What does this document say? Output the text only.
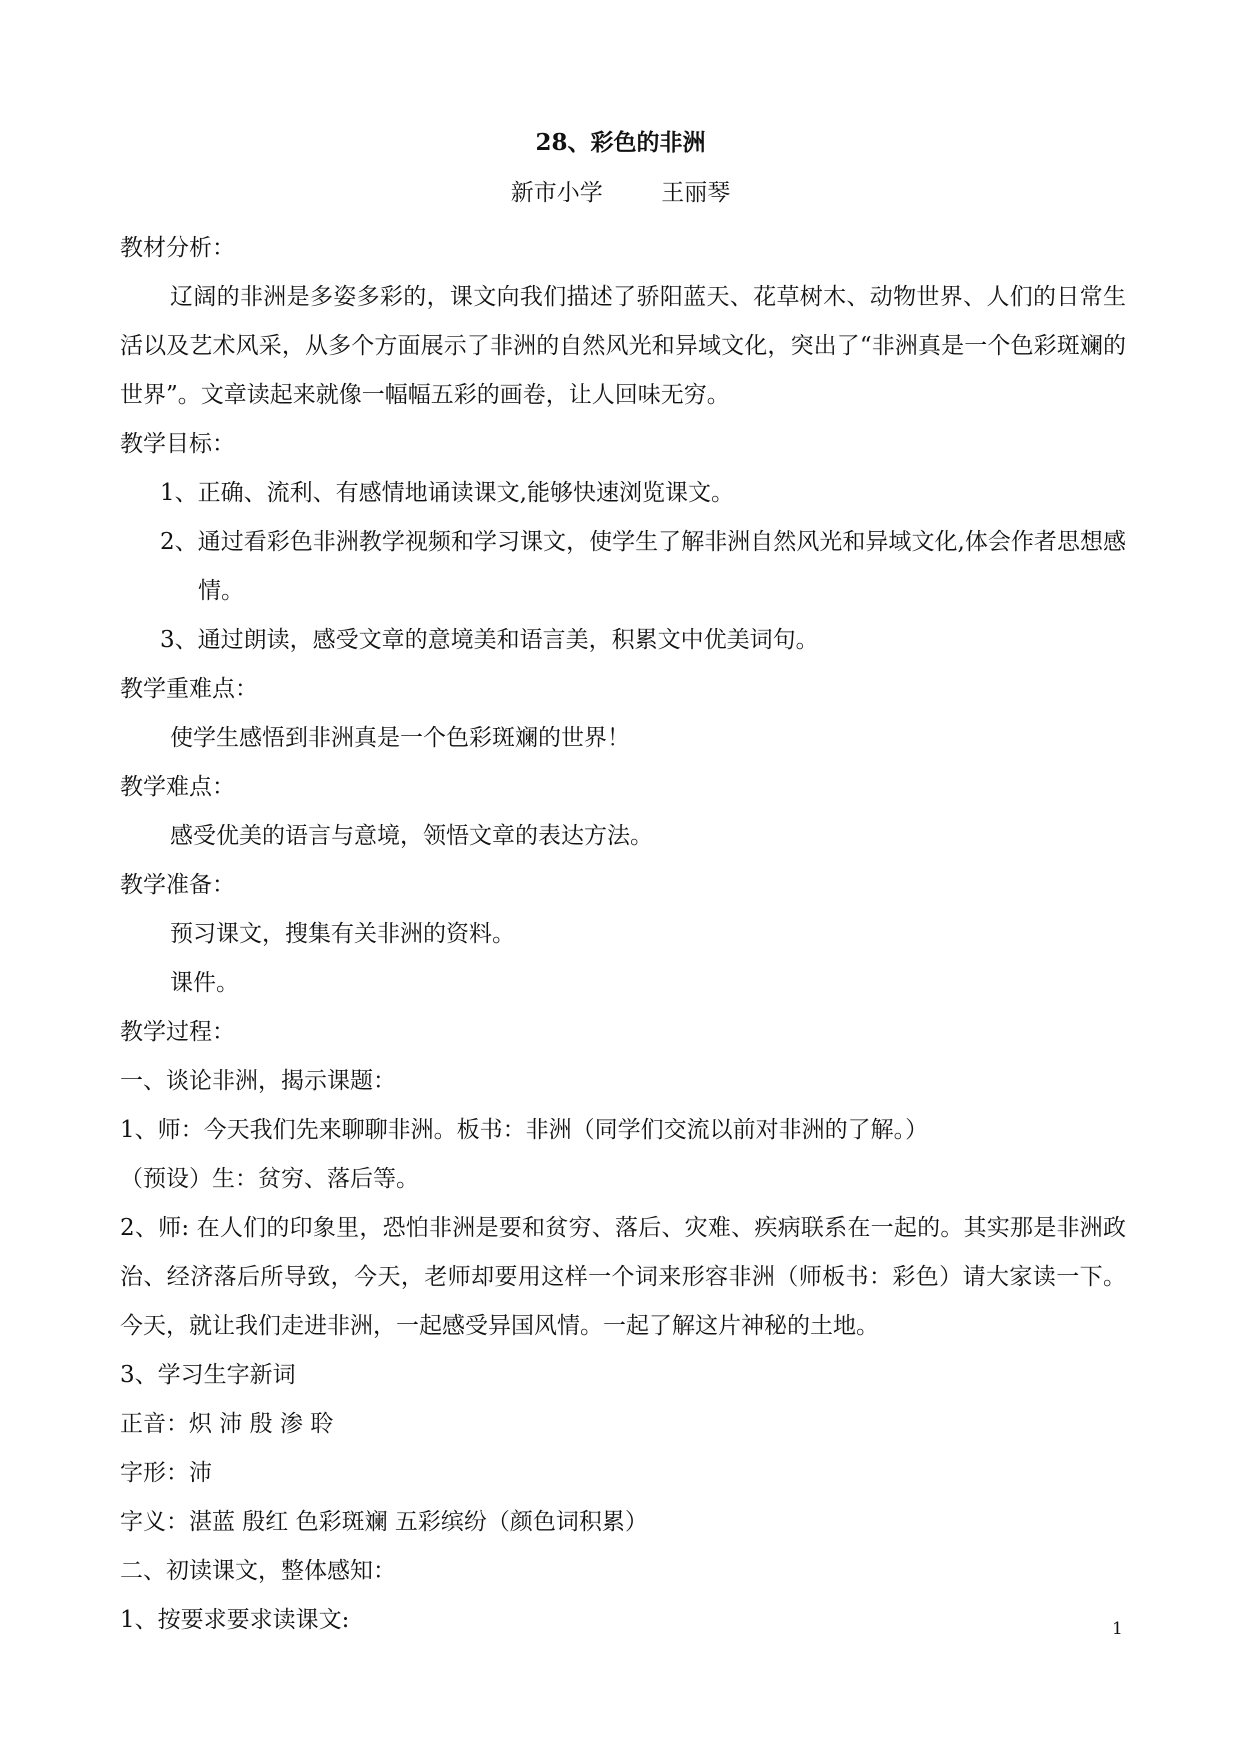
28、彩色的非洲
新市小学        王丽琴
教材分析：
辽阔的非洲是多姿多彩的，课文向我们描述了骄阳蓝天、花草树木、动物世界、人们的日常生活以及艺术风采，从多个方面展示了非洲的自然风光和异域文化，突出了“非洲真是一个色彩斑斓的世界”。文章读起来就像一幅幅五彩的画卷，让人回味无穷。
教学目标：
1、正确、流利、有感情地诵读课文,能够快速浏览课文。
2、通过看彩色非洲教学视频和学习课文，使学生了解非洲自然风光和异域文化,体会作者思想感情。
3、通过朗读，感受文章的意境美和语言美，积累文中优美词句。
教学重难点：
使学生感悟到非洲真是一个色彩斑斓的世界！
教学难点：
感受优美的语言与意境，领悟文章的表达方法。
教学准备：
预习课文，搜集有关非洲的资料。
课件。
教学过程：
一、谈论非洲，揭示课题：
1、师：今天我们先来聊聊非洲。板书：非洲（同学们交流以前对非洲的了解。）
（预设）生：贫穷、落后等。
2、师: 在人们的印象里，恐怕非洲是要和贫穷、落后、灾难、疾病联系在一起的。其实那是非洲政治、经济落后所导致，今天，老师却要用这样一个词来形容非洲（师板书：彩色）请大家读一下。今天，就让我们走进非洲，一起感受异国风情。一起了解这片神秘的土地。
3、学习生字新词
正音：炽 沛 殷 渗 聆
字形：沛
字义：湛蓝 殷红 色彩斑斓 五彩缤纷（颜色词积累）
二、初读课文，整体感知：
1、按要求要求读课文:	1
